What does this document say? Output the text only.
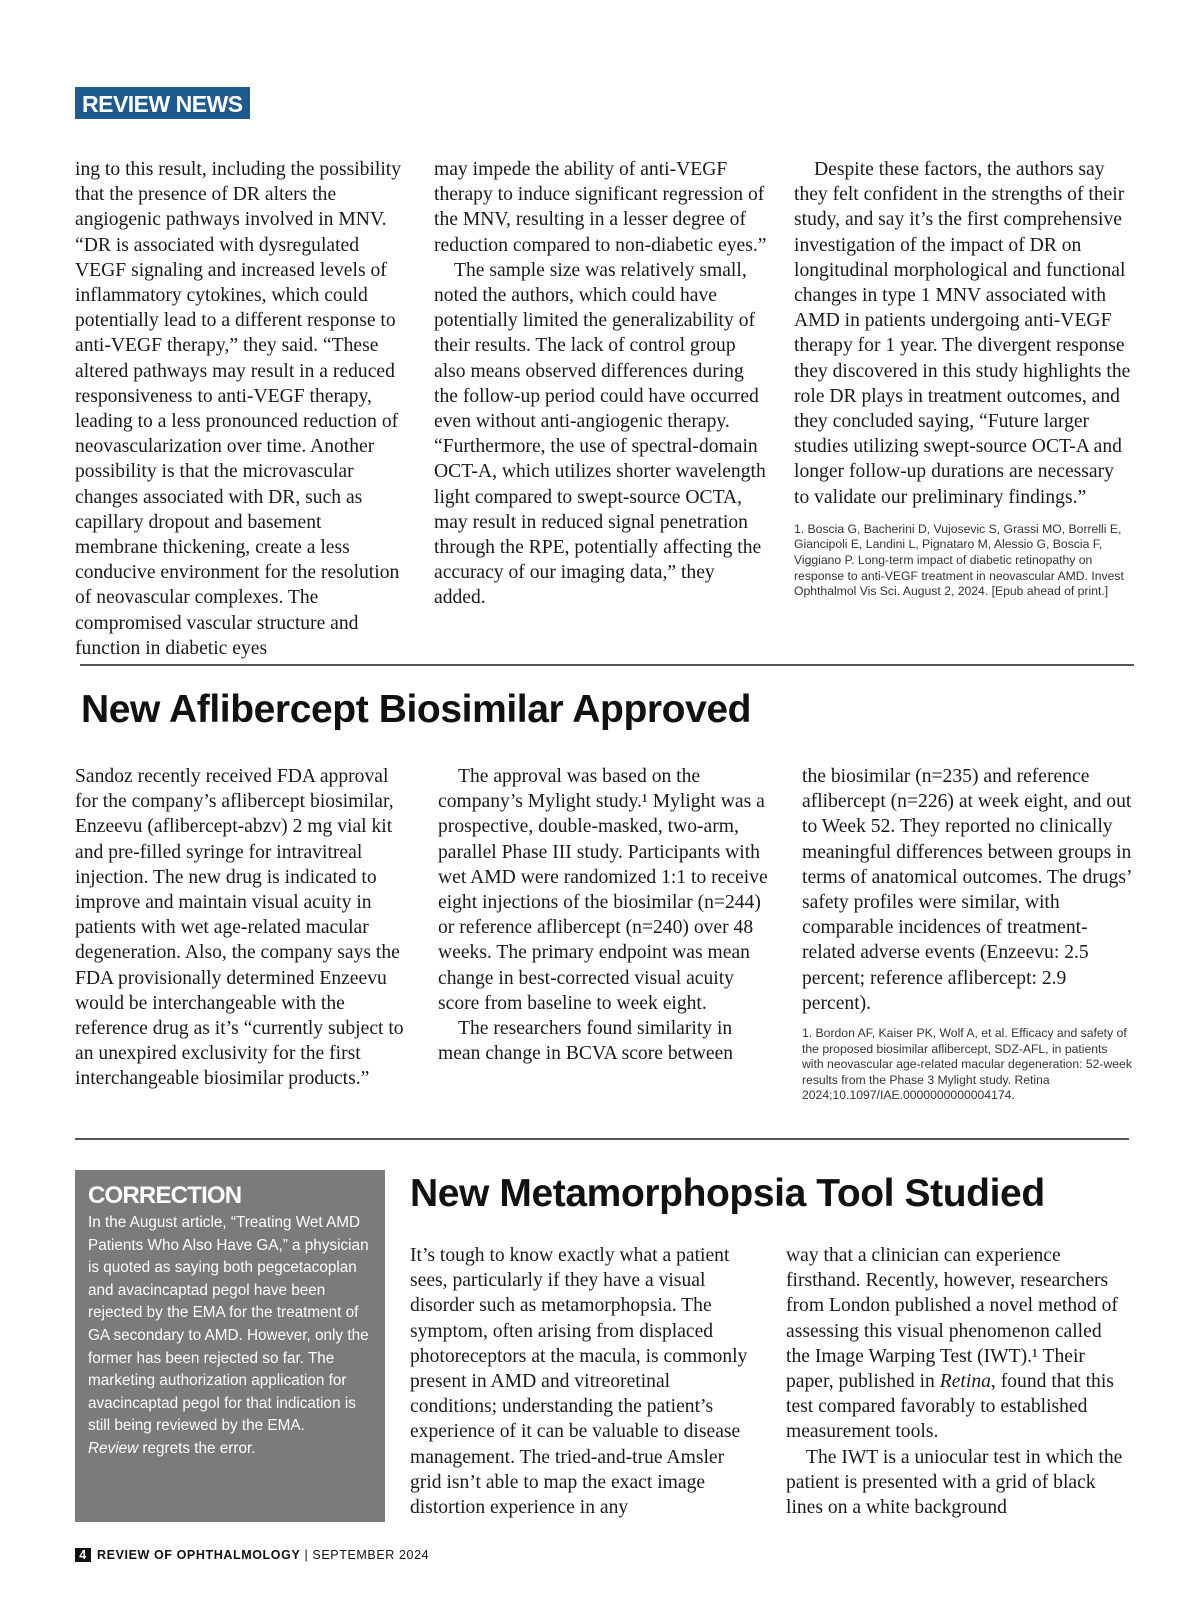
REVIEW NEWS

ing to this result, including the possibility that the presence of DR alters the angiogenic pathways involved in MNV. “DR is associated with dysregulated VEGF signaling and increased levels of inflammatory cytokines, which could potentially lead to a different response to anti-VEGF therapy,” they said. “These altered pathways may result in a reduced responsiveness to anti-VEGF therapy, leading to a less pronounced reduction of neovascularization over time. Another possibility is that the microvascular changes associated with DR, such as capillary dropout and basement membrane thickening, create a less conducive environment for the resolution of neovascular complexes. The compromised vascular structure and function in diabetic eyes

may impede the ability of anti-VEGF therapy to induce significant regression of the MNV, resulting in a lesser degree of reduction compared to non-diabetic eyes.”

The sample size was relatively small, noted the authors, which could have potentially limited the generalizability of their results. The lack of control group also means observed differences during the follow-up period could have occurred even without anti-angiogenic therapy. “Furthermore, the use of spectral-domain OCT-A, which utilizes shorter wavelength light compared to swept-source OCTA, may result in reduced signal penetration through the RPE, potentially affecting the accuracy of our imaging data,” they added.

Despite these factors, the authors say they felt confident in the strengths of their study, and say it’s the first comprehensive investigation of the impact of DR on longitudinal morphological and functional changes in type 1 MNV associated with AMD in patients undergoing anti-VEGF therapy for 1 year. The divergent response they discovered in this study highlights the role DR plays in treatment outcomes, and they concluded saying, “Future larger studies utilizing swept-source OCT-A and longer follow-up durations are necessary to validate our preliminary findings.”

1. Boscia G, Bacherini D, Vujosevic S, Grassi MO, Borrelli E, Giancipoli E, Landini L, Pignataro M, Alessio G, Boscia F, Viggiano P. Long-term impact of diabetic retinopathy on response to anti-VEGF treatment in neovascular AMD. Invest Ophthalmol Vis Sci. August 2, 2024. [Epub ahead of print.]
New Aflibercept Biosimilar Approved

Sandoz recently received FDA approval for the company’s aflibercept biosimilar, Enzeevu (aflibercept-abzv) 2 mg vial kit and pre-filled syringe for intravitreal injection. The new drug is indicated to improve and maintain visual acuity in patients with wet age-related macular degeneration. Also, the company says the FDA provisionally determined Enzeevu would be interchangeable with the reference drug as it’s “currently subject to an unexpired exclusivity for the first interchangeable biosimilar products.”

The approval was based on the company’s Mylight study.¹ Mylight was a prospective, double-masked, two-arm, parallel Phase III study. Participants with wet AMD were randomized 1:1 to receive eight injections of the biosimilar (n=244) or reference aflibercept (n=240) over 48 weeks. The primary endpoint was mean change in best-corrected visual acuity score from baseline to week eight.

The researchers found similarity in mean change in BCVA score between

the biosimilar (n=235) and reference aflibercept (n=226) at week eight, and out to Week 52. They reported no clinically meaningful differences between groups in terms of anatomical outcomes. The drugs’ safety profiles were similar, with comparable incidences of treatment-related adverse events (Enzeevu: 2.5 percent; reference aflibercept: 2.9 percent).

1. Bordon AF, Kaiser PK, Wolf A, et al. Efficacy and safety of the proposed biosimilar aflibercept, SDZ-AFL, in patients with neovascular age-related macular degeneration: 52-week results from the Phase 3 Mylight study. Retina 2024;10.1097/IAE.0000000000004174.
CORRECTION
In the August article, “Treating Wet AMD Patients Who Also Have GA,” a physician is quoted as saying both pegcetacoplan and avacincaptad pegol have been rejected by the EMA for the treatment of GA secondary to AMD. However, only the former has been rejected so far. The marketing authorization application for avacincaptad pegol for that indication is still being reviewed by the EMA.
Review regrets the error.
New Metamorphopsia Tool Studied

It’s tough to know exactly what a patient sees, particularly if they have a visual disorder such as metamorphopsia. The symptom, often arising from displaced photoreceptors at the macula, is commonly present in AMD and vitreoretinal conditions; understanding the patient’s experience of it can be valuable to disease management. The tried-and-true Amsler grid isn’t able to map the exact image distortion experience in any

way that a clinician can experience firsthand. Recently, however, researchers from London published a novel method of assessing this visual phenomenon called the Image Warping Test (IWT).¹ Their paper, published in Retina, found that this test compared favorably to established measurement tools.

The IWT is a uniocular test in which the patient is presented with a grid of black lines on a white background

4 REVIEW OF OPHTHALMOLOGY | SEPTEMBER 2024
